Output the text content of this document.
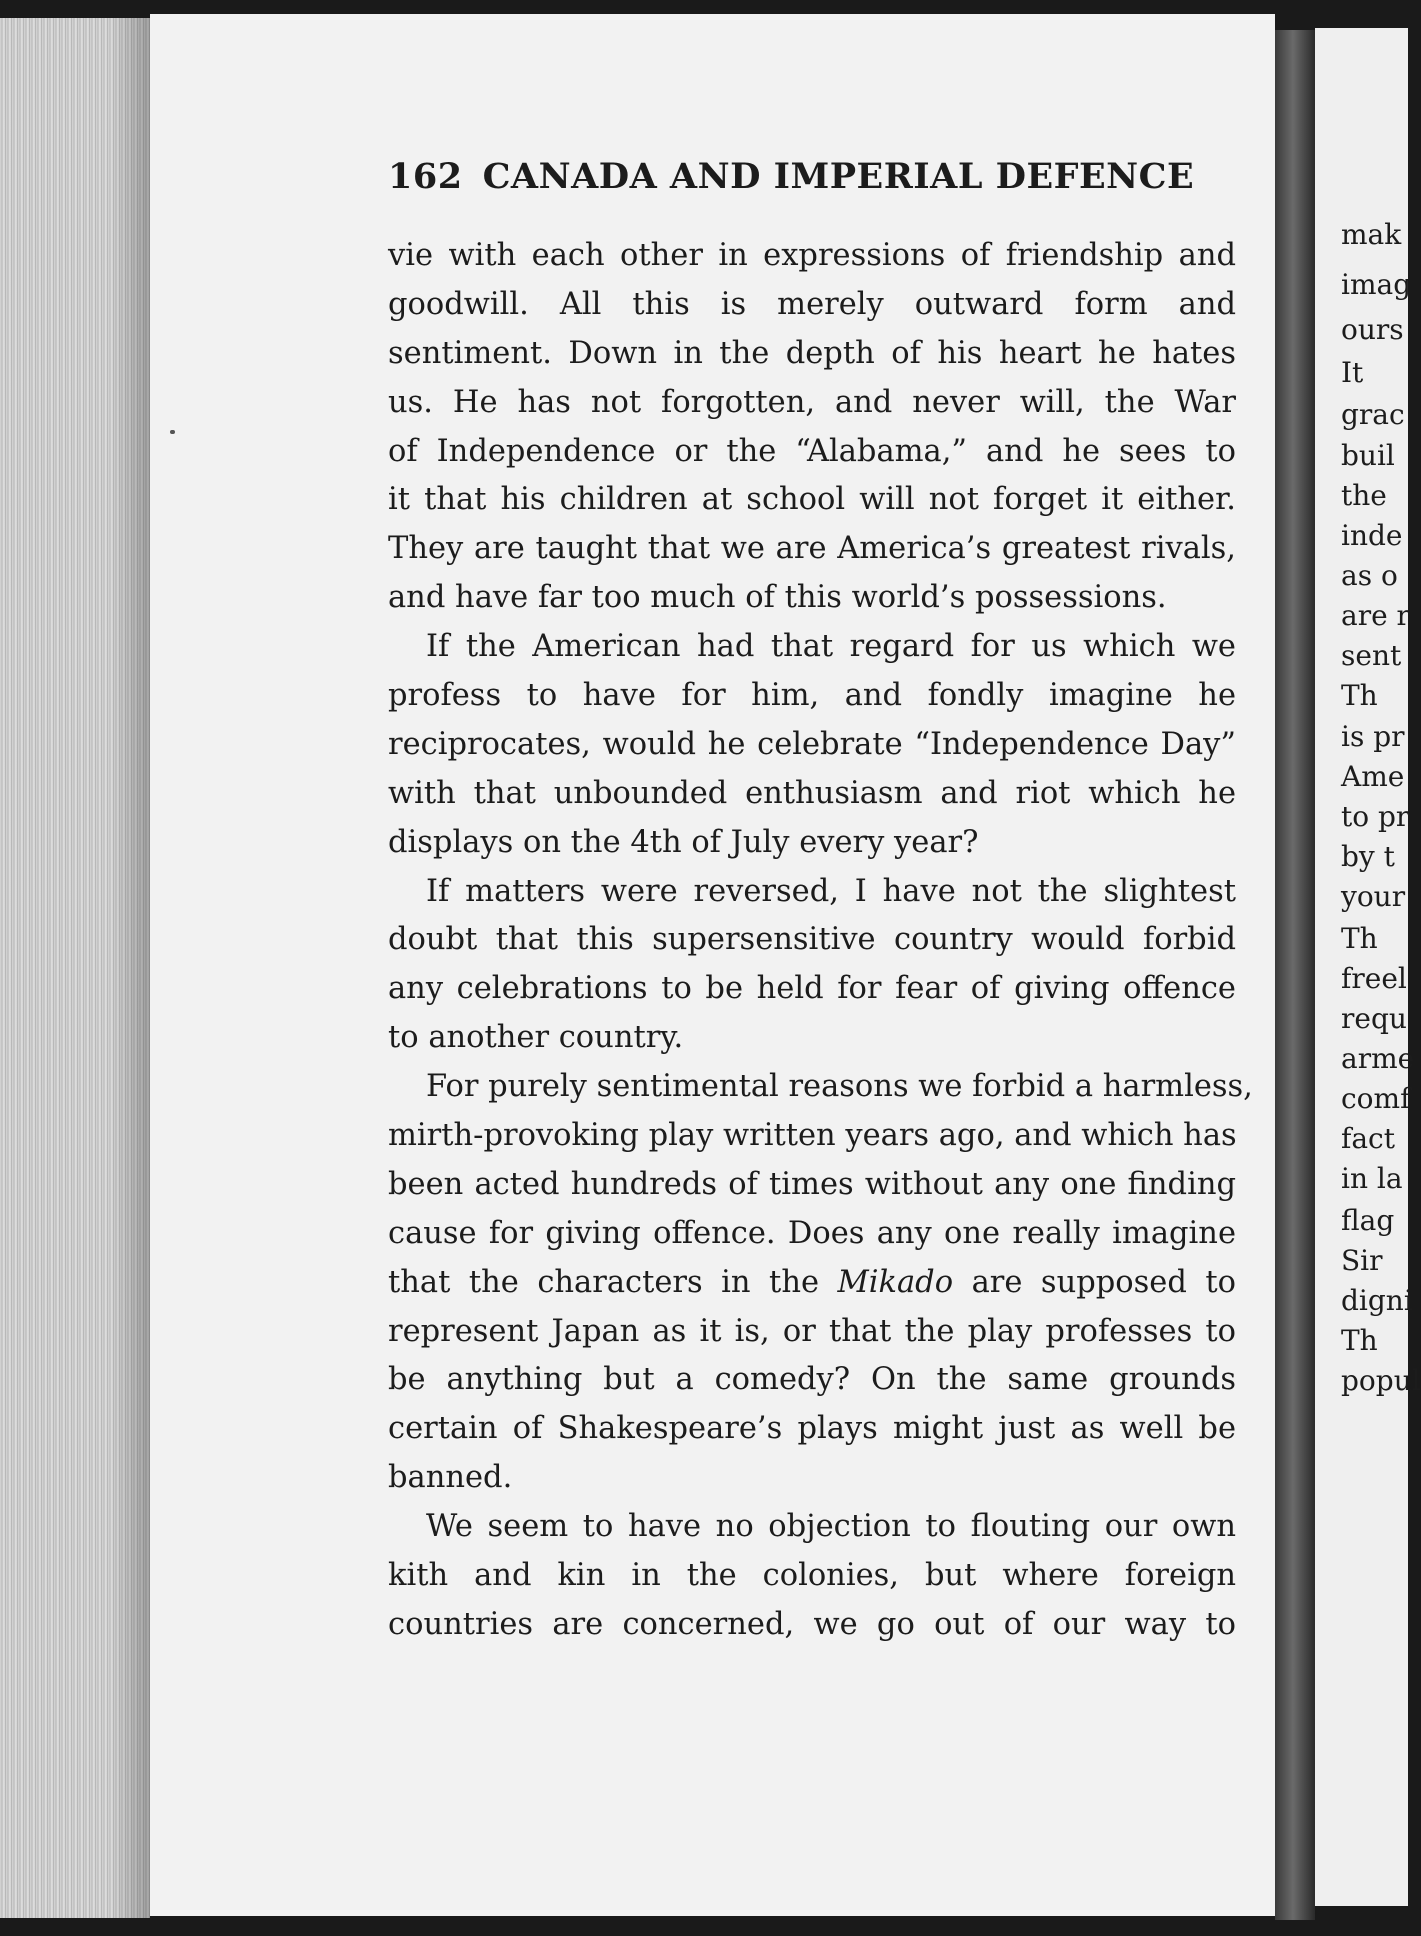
mak
imag
ours
It
grac
buil
the
inde
as o
are r
sent
Th
is pr
Ame
to pr
by t
your
Th
freel
requ
arme
comf
fact
in la
flag
Sir
digni
Th
popul
162 CANADA AND IMPERIAL DEFENCE
vie with each other in expressions of friendship and
goodwill. All this is merely outward form and
sentiment. Down in the depth of his heart he hates
us. He has not forgotten, and never will, the War
of Independence or the “Alabama,” and he sees to
it that his children at school will not forget it either.
They are taught that we are America’s greatest rivals,
and have far too much of this world’s possessions.
If the American had that regard for us which we
profess to have for him, and fondly imagine he
reciprocates, would he celebrate “Independence Day”
with that unbounded enthusiasm and riot which he
displays on the 4th of July every year?
If matters were reversed, I have not the slightest
doubt that this supersensitive country would forbid
any celebrations to be held for fear of giving offence
to another country.
For purely sentimental reasons we forbid a harmless,
mirth-provoking play written years ago, and which has
been acted hundreds of times without any one finding
cause for giving offence. Does any one really imagine
that the characters in the Mikado are supposed to
represent Japan as it is, or that the play professes to
be anything but a comedy? On the same grounds
certain of Shakespeare’s plays might just as well be
banned.
We seem to have no objection to flouting our own
kith and kin in the colonies, but where foreign
countries are concerned, we go out of our way to
